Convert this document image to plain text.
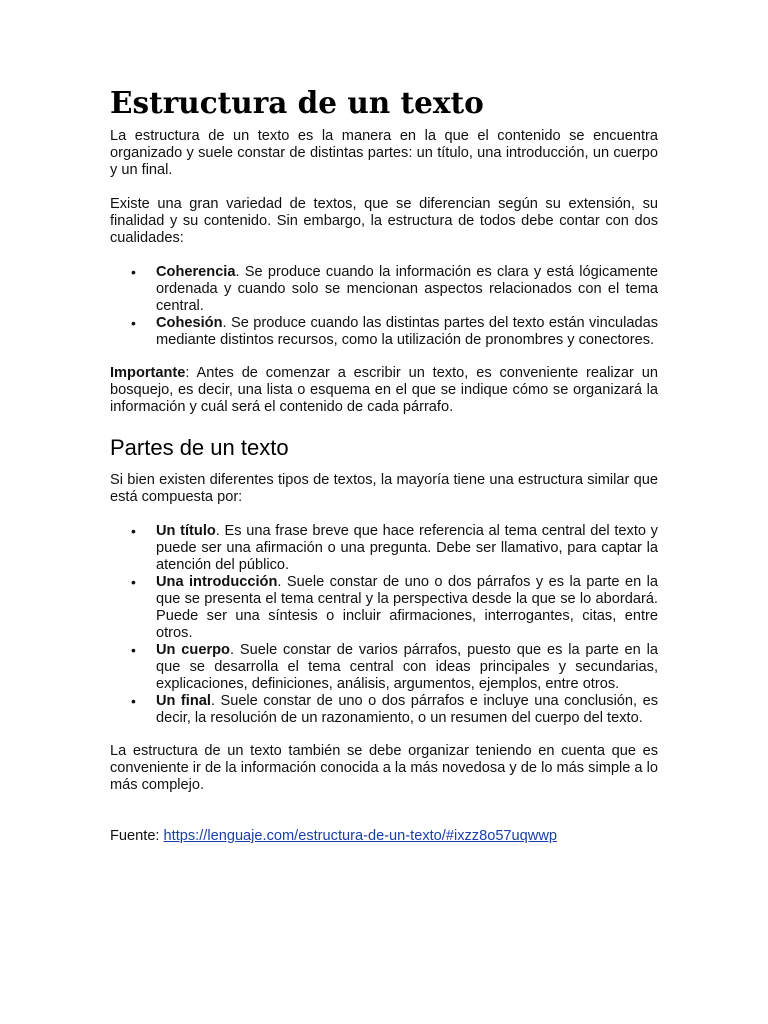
Estructura de un texto

La estructura de un texto es la manera en la que el contenido se encuentra organizado y suele constar de distintas partes: un título, una introducción, un cuerpo y un final.

Existe una gran variedad de textos, que se diferencian según su extensión, su finalidad y su contenido. Sin embargo, la estructura de todos debe contar con dos cualidades:

• Coherencia. Se produce cuando la información es clara y está lógicamente ordenada y cuando solo se mencionan aspectos relacionados con el tema central.
• Cohesión. Se produce cuando las distintas partes del texto están vinculadas mediante distintos recursos, como la utilización de pronombres y conectores.

Importante: Antes de comenzar a escribir un texto, es conveniente realizar un bosquejo, es decir, una lista o esquema en el que se indique cómo se organizará la información y cuál será el contenido de cada párrafo.

Partes de un texto

Si bien existen diferentes tipos de textos, la mayoría tiene una estructura similar que está compuesta por:

• Un título. Es una frase breve que hace referencia al tema central del texto y puede ser una afirmación o una pregunta. Debe ser llamativo, para captar la atención del público.
• Una introducción. Suele constar de uno o dos párrafos y es la parte en la que se presenta el tema central y la perspectiva desde la que se lo abordará. Puede ser una síntesis o incluir afirmaciones, interrogantes, citas, entre otros.
• Un cuerpo. Suele constar de varios párrafos, puesto que es la parte en la que se desarrolla el tema central con ideas principales y secundarias, explicaciones, definiciones, análisis, argumentos, ejemplos, entre otros.
• Un final. Suele constar de uno o dos párrafos e incluye una conclusión, es decir, la resolución de un razonamiento, o un resumen del cuerpo del texto.

La estructura de un texto también se debe organizar teniendo en cuenta que es conveniente ir de la información conocida a la más novedosa y de lo más simple a lo más complejo.

Fuente: https://lenguaje.com/estructura-de-un-texto/#ixzz8o57uqwwp
